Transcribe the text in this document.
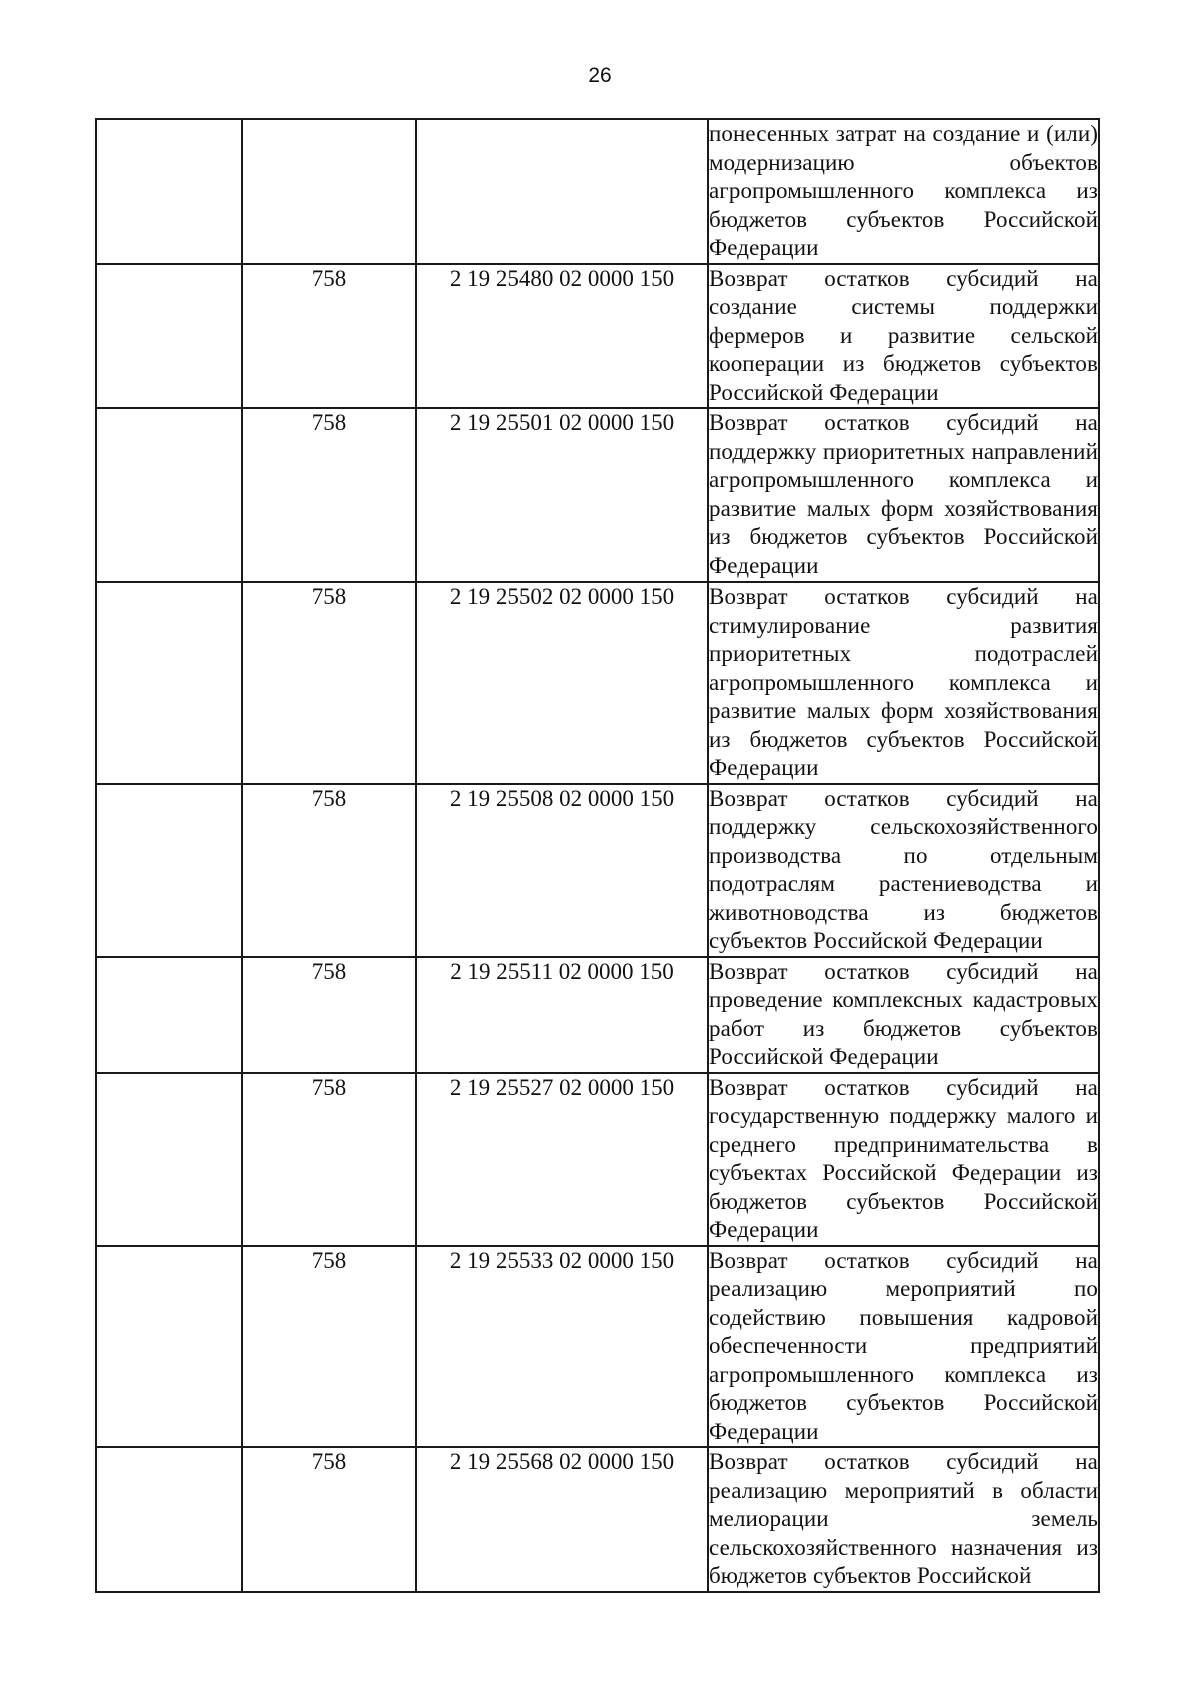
26
			понесенных затрат на создание и (или) модернизацию объектов агропромышленного комплекса из бюджетов субъектов Российской Федерации
	758	2 19 25480 02 0000 150	Возврат остатков субсидий на создание системы поддержки фермеров и развитие сельской кооперации из бюджетов субъектов Российской Федерации
	758	2 19 25501 02 0000 150	Возврат остатков субсидий на поддержку приоритетных направлений агропромышленного комплекса и развитие малых форм хозяйствования из бюджетов субъектов Российской Федерации
	758	2 19 25502 02 0000 150	Возврат остатков субсидий на стимулирование развития приоритетных подотраслей агропромышленного комплекса и развитие малых форм хозяйствования из бюджетов субъектов Российской Федерации
	758	2 19 25508 02 0000 150	Возврат остатков субсидий на поддержку сельскохозяйственного производства по отдельным подотраслям растениеводства и животноводства из бюджетов субъектов Российской Федерации
	758	2 19 25511 02 0000 150	Возврат остатков субсидий на проведение комплексных кадастровых работ из бюджетов субъектов Российской Федерации
	758	2 19 25527 02 0000 150	Возврат остатков субсидий на государственную поддержку малого и среднего предпринимательства в субъектах Российской Федерации из бюджетов субъектов Российской Федерации
	758	2 19 25533 02 0000 150	Возврат остатков субсидий на реализацию мероприятий по содействию повышения кадровой обеспеченности предприятий агропромышленного комплекса из бюджетов субъектов Российской Федерации
	758	2 19 25568 02 0000 150	Возврат остатков субсидий на реализацию мероприятий в области мелиорации земель сельскохозяйственного назначения из бюджетов субъектов Российской
